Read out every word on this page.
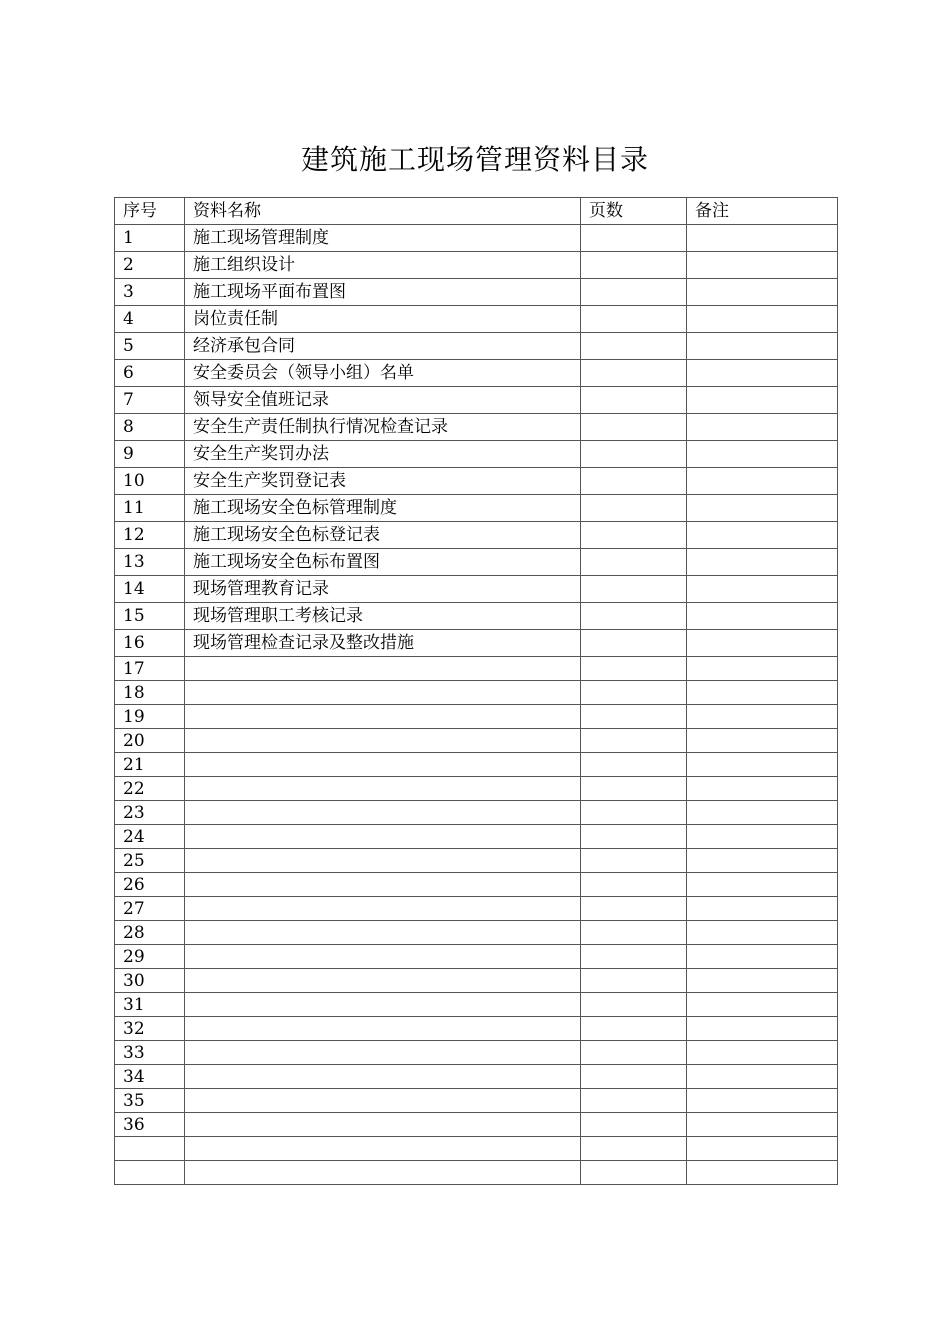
建筑施工现场管理资料目录
序号	资料名称	页数	备注
1	施工现场管理制度		
2	施工组织设计		
3	施工现场平面布置图		
4	岗位责任制		
5	经济承包合同		
6	安全委员会（领导小组）名单		
7	领导安全值班记录		
8	安全生产责任制执行情况检查记录		
9	安全生产奖罚办法		
10	安全生产奖罚登记表		
11	施工现场安全色标管理制度		
12	施工现场安全色标登记表		
13	施工现场安全色标布置图		
14	现场管理教育记录		
15	现场管理职工考核记录		
16	现场管理检查记录及整改措施		
17			
18			
19			
20			
21			
22			
23			
24			
25			
26			
27			
28			
29			
30			
31			
32			
33			
34			
35			
36			
